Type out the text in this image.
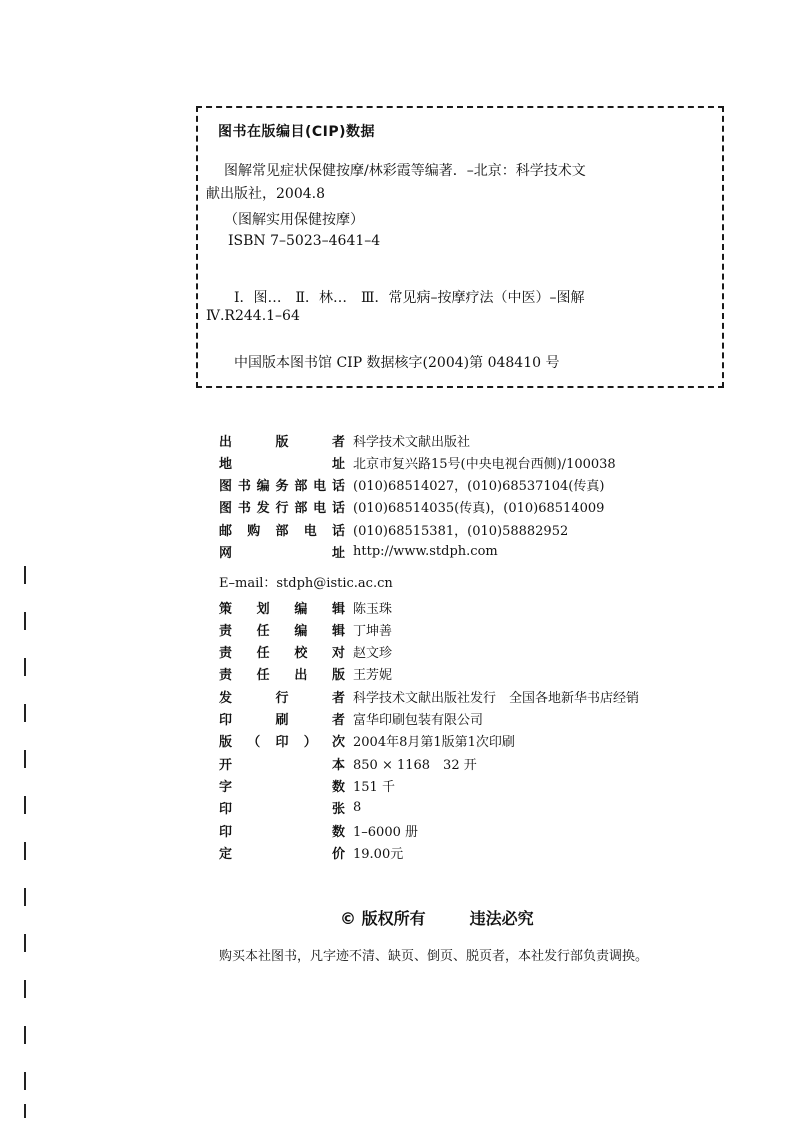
图书在版编目(CIP)数据
图解常见症状保健按摩/林彩霞等编著．–北京：科学技术文
献出版社，2004.8
（图解实用保健按摩）
ISBN 7–5023–4641–4
Ⅰ．图…　Ⅱ．林…　Ⅲ．常见病–按摩疗法（中医）–图解
Ⅳ.R244.1–64
中国版本图书馆 CIP 数据核字(2004)第 048410 号
出	版	者 科学技术文献出版社
地	址 北京市复兴路15号(中央电视台西侧)/100038
图 书 编 务 部 电 话 (010)68514027，(010)68537104(传真)
图 书 发 行 部 电 话 (010)68514035(传真)，(010)68514009
邮 购 部 电 话 (010)68515381，(010)58882952
网	址 http://www.stdph.com
E–mail：stdph@istic.ac.cn
策 划 编 辑 陈玉珠
责 任 编 辑 丁坤善
责 任 校 对 赵文珍
责 任 出 版 王芳妮
发	行	者 科学技术文献出版社发行　全国各地新华书店经销
印	刷	者 富华印刷包装有限公司
版 （ 印 ） 次 2004年8月第1版第1次印刷
开	本 850 × 1168　32 开
字	数 151 千
印	张 8
印	数 1–6000 册
定	价 19.00元
© 版权所有	违法必究
购买本社图书，凡字迹不清、缺页、倒页、脱页者，本社发行部负责调换。
